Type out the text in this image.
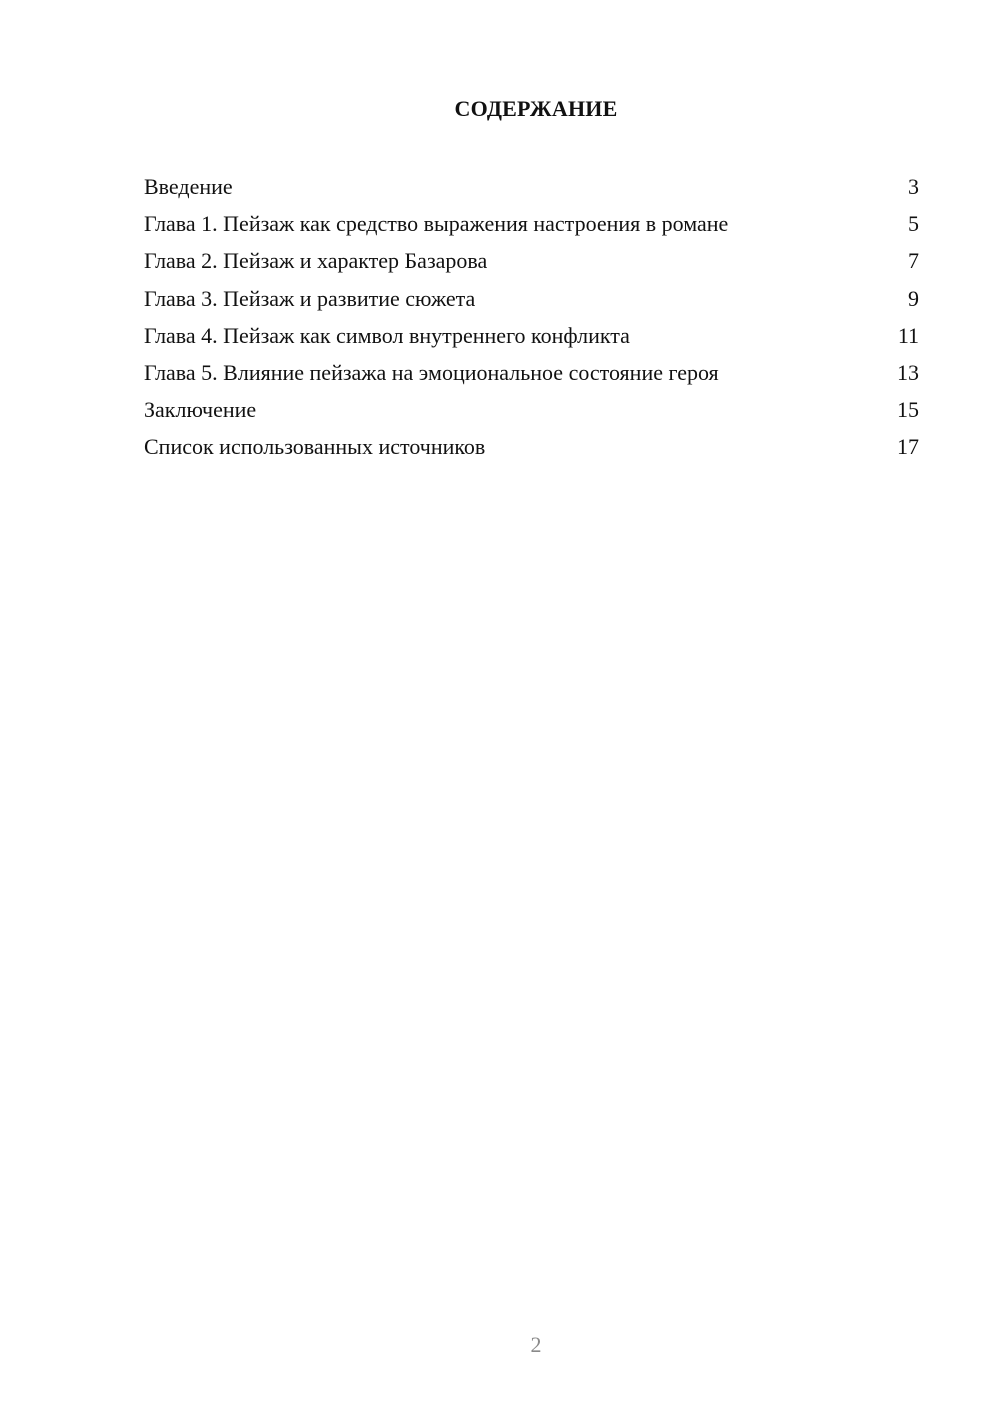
СОДЕРЖАНИЕ
Введение	3
Глава 1. Пейзаж как средство выражения настроения в романе	5
Глава 2. Пейзаж и характер Базарова	7
Глава 3. Пейзаж и развитие сюжета	9
Глава 4. Пейзаж как символ внутреннего конфликта	11
Глава 5. Влияние пейзажа на эмоциональное состояние героя	13
Заключение	15
Список использованных источников	17
2
